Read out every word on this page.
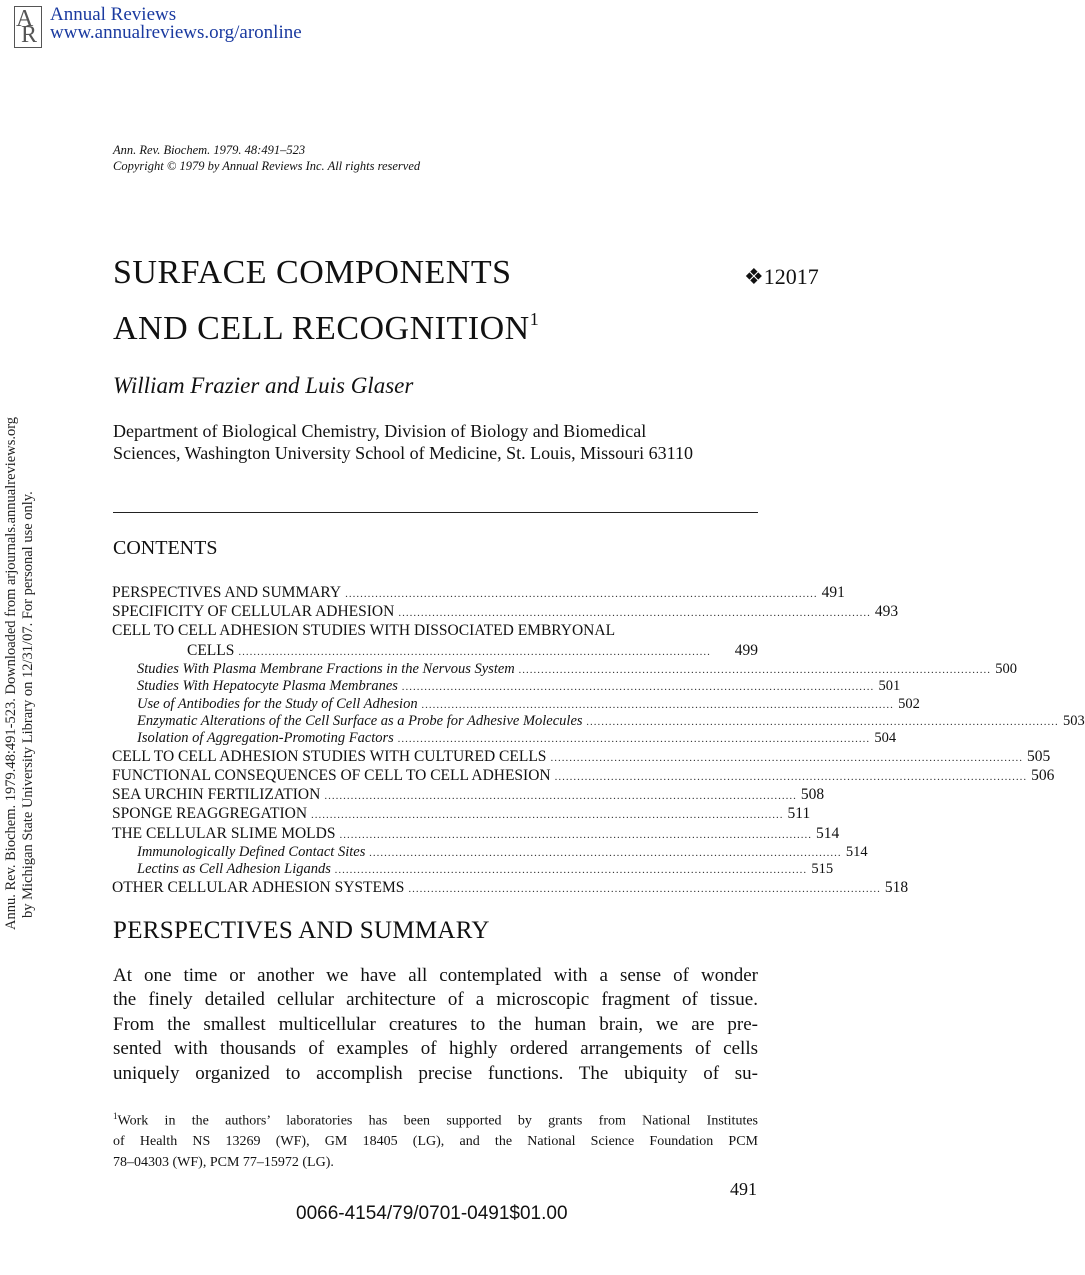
A
R
Annual Reviews
www.annualreviews.org/aronline
Annu. Rev. Biochem. 1979.48:491-523. Downloaded from arjournals.annualreviews.org by Michigan State University Library on 12/31/07. For personal use only.
Ann. Rev. Biochem. 1979. 48:491–523
Copyright © 1979 by Annual Reviews Inc. All rights reserved
SURFACE COMPONENTS
AND CELL RECOGNITION$^1$
❖12017
William Frazier and Luis Glaser
Department of Biological Chemistry, Division of Biology and Biomedical
Sciences, Washington University School of Medicine, St. Louis, Missouri 63110
CONTENTS
PERSPECTIVES AND SUMMARY .............................................................................................................................. 491
SPECIFICITY OF CELLULAR ADHESION .............................................................................................................................. 493
CELL TO CELL ADHESION STUDIES WITH DISSOCIATED EMBRYONAL
CELLS ..............................................................................................................................	499
Studies With Plasma Membrane Fractions in the Nervous System .............................................................................................................................. 500
Studies With Hepatocyte Plasma Membranes .............................................................................................................................. 501
Use of Antibodies for the Study of Cell Adhesion .............................................................................................................................. 502
Enzymatic Alterations of the Cell Surface as a Probe for Adhesive Molecules .............................................................................................................................. 503
Isolation of Aggregation-Promoting Factors .............................................................................................................................. 504
CELL TO CELL ADHESION STUDIES WITH CULTURED CELLS .............................................................................................................................. 505
FUNCTIONAL CONSEQUENCES OF CELL TO CELL ADHESION .............................................................................................................................. 506
SEA URCHIN FERTILIZATION .............................................................................................................................. 508
SPONGE REAGGREGATION .............................................................................................................................. 511
THE CELLULAR SLIME MOLDS .............................................................................................................................. 514
Immunologically Defined Contact Sites .............................................................................................................................. 514
Lectins as Cell Adhesion Ligands .............................................................................................................................. 515
OTHER CELLULAR ADHESION SYSTEMS .............................................................................................................................. 518
PERSPECTIVES AND SUMMARY
At one time or another we have all contemplated with a sense of wonder
the finely detailed cellular architecture of a microscopic fragment of tissue.
From the smallest multicellular creatures to the human brain, we are pre-
sented with thousands of examples of highly ordered arrangements of cells
uniquely organized to accomplish precise functions. The ubiquity of su-
$^1$Work in the authors’ laboratories has been supported by grants from National Institutes
of Health NS 13269 (WF), GM 18405 (LG), and the National Science Foundation PCM
78–04303 (WF), PCM 77–15972 (LG).
491
0066-4154/79/0701-0491$01.00
